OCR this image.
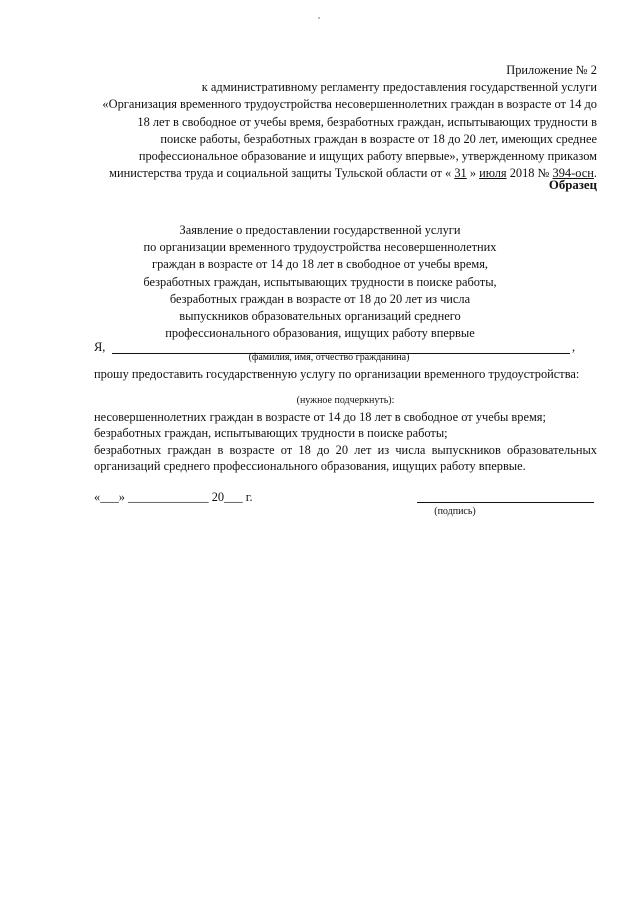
Приложение № 2
к административному регламенту предоставления государственной услуги
«Организация временного трудоустройства несовершеннолетних граждан в возрасте от 14 до
18 лет в свободное от учебы время, безработных граждан, испытывающих трудности в
поиске работы, безработных граждан в возрасте от 18 до 20 лет, имеющих среднее
профессиональное образование и ищущих работу впервые», утвержденному приказом
министерства труда и социальной защиты Тульской области от « 31 » июля 2018 № 394-осн.
Образец
Заявление о предоставлении государственной услуги
по организации временного трудоустройства несовершеннолетних
граждан в возрасте от 14 до 18 лет в свободное от учебы время,
безработных граждан, испытывающих трудности в поиске работы,
безработных граждан в возрасте от 18 до 20 лет из числа
выпускников образовательных организаций среднего
профессионального образования, ищущих работу впервые
Я,	,
(фамилия, имя, отчество гражданина)
прошу предоставить государственную услугу по организации временного трудоустройства:
(нужное подчеркнуть):

несовершеннолетних граждан в возрасте от 14 до 18 лет в свободное от учебы время;

безработных граждан, испытывающих трудности в поиске работы;

безработных граждан в возрасте от 18 до 20 лет из числа выпускников образовательных организаций среднего профессионального образования, ищущих работу впервые.

«___» _____________ 20___ г.
(подпись)
